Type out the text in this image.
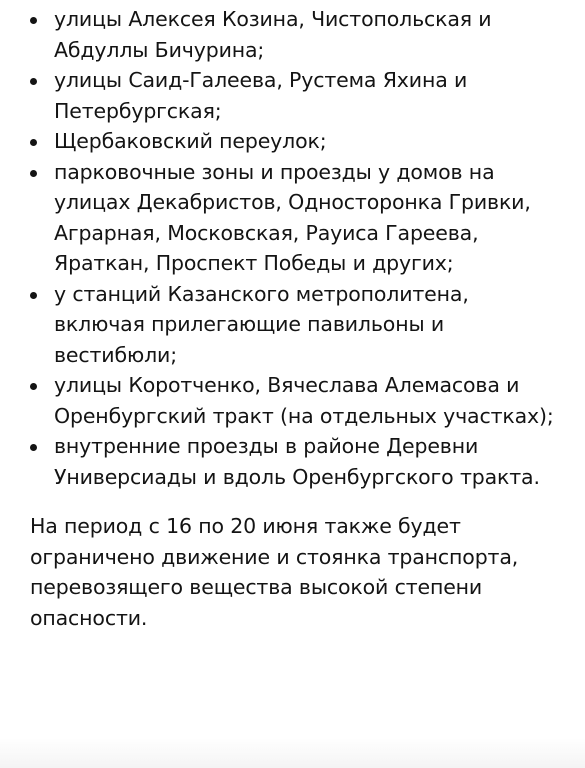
улицы Алексея Козина, Чистопольская и Абдуллы Бичурина;
улицы Саид-Галеева, Рустема Яхина и Петербургская;
Щербаковский переулок;
парковочные зоны и проезды у домов на улицах Декабристов, Односторонка Гривки, Аграрная, Московская, Рауиса Гареева, Яраткан, Проспект Победы и других;
у станций Казанского метрополитена, включая прилегающие павильоны и вестибюли;
улицы Коротченко, Вячеслава Алемасова и Оренбургский тракт (на отдельных участках);
внутренние проезды в районе Деревни Универсиады и вдоль Оренбургского тракта.

На период с 16 по 20 июня также будет ограничено движение и стоянка транспорта, перевозящего вещества высокой степени опасности.
